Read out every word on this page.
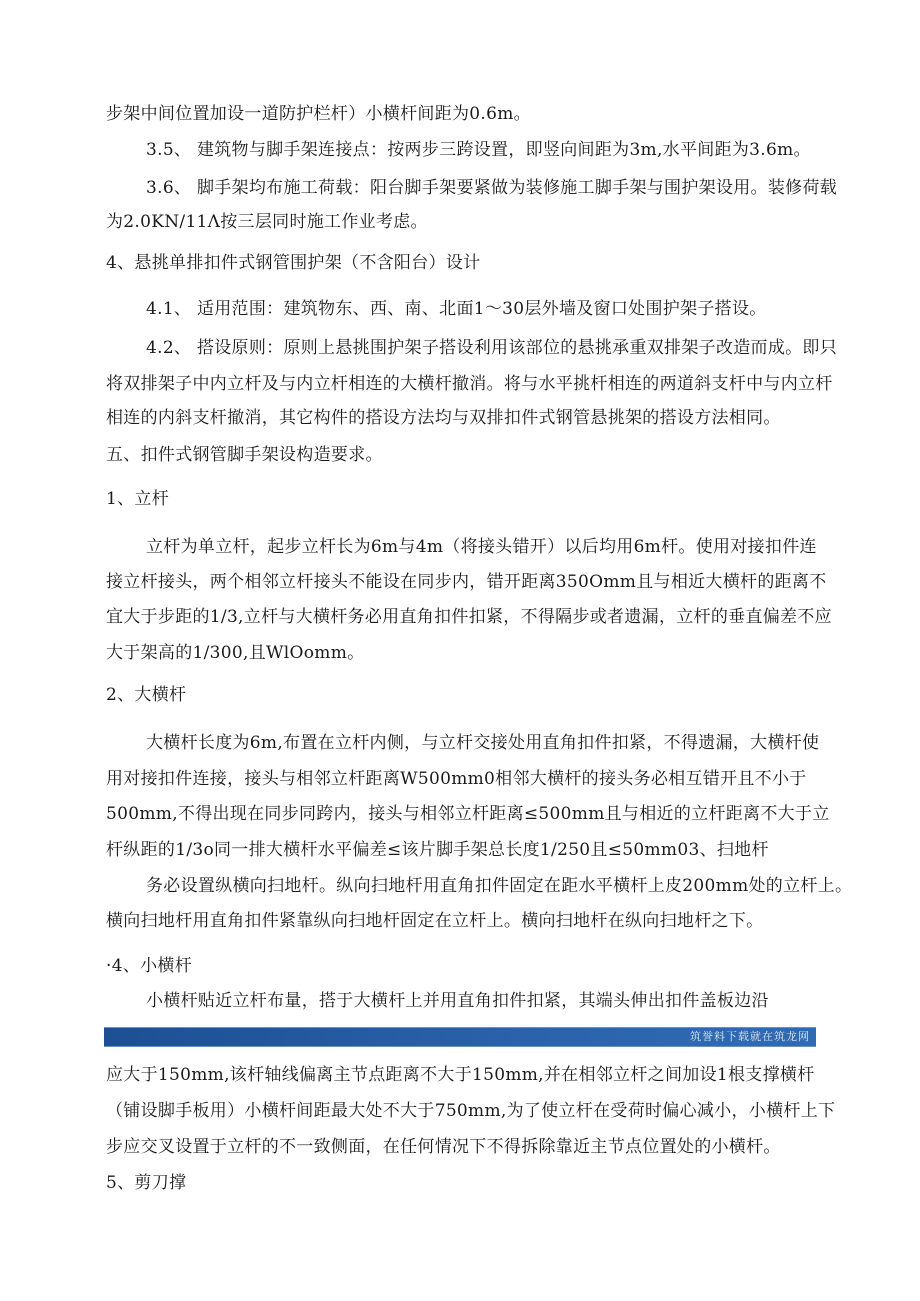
步架中间位置加设一道防护栏杆）小横杆间距为0.6m。
3.5、 建筑物与脚手架连接点：按两步三跨设置，即竖向间距为3m,水平间距为3.6m。
3.6、 脚手架均布施工荷载：阳台脚手架要紧做为装修施工脚手架与围护架设用。装修荷载
为2.0KN/11Λ按三层同时施工作业考虑。
4、悬挑单排扣件式钢管围护架（不含阳台）设计
4.1、 适用范围：建筑物东、西、南、北面1～30层外墙及窗口处围护架子搭设。
4.2、 搭设原则：原则上悬挑围护架子搭设利用该部位的悬挑承重双排架子改造而成。即只
将双排架子中内立杆及与内立杆相连的大横杆撤消。将与水平挑杆相连的两道斜支杆中与内立杆
相连的内斜支杆撤消，其它构件的搭设方法均与双排扣件式钢管悬挑架的搭设方法相同。
五、扣件式钢管脚手架设构造要求。
1、立杆
立杆为单立杆，起步立杆长为6m与4m（将接头错开）以后均用6m杆。使用对接扣件连
接立杆接头，两个相邻立杆接头不能设在同步内，错开距离350Omm且与相近大横杆的距离不
宜大于步距的1/3,立杆与大横杆务必用直角扣件扣紧，不得隔步或者遗漏，立杆的垂直偏差不应
大于架高的1/300,且WlOomm。
2、大横杆
大横杆长度为6m,布置在立杆内侧，与立杆交接处用直角扣件扣紧，不得遗漏，大横杆使
用对接扣件连接，接头与相邻立杆距离W500mm0相邻大横杆的接头务必相互错开且不小于
500mm,不得出现在同步同跨内，接头与相邻立杆距离≤500mm且与相近的立杆距离不大于立
杆纵距的1/3o同一排大横杆水平偏差≤该片脚手架总长度1/250且≤50mm03、扫地杆
务必设置纵横向扫地杆。纵向扫地杆用直角扣件固定在距水平横杆上皮200mm处的立杆上。
横向扫地杆用直角扣件紧靠纵向扫地杆固定在立杆上。横向扫地杆在纵向扫地杆之下。
·4、小横杆
小横杆贴近立杆布量，搭于大横杆上并用直角扣件扣紧，其端头伸出扣件盖板边沿
筑誉料下载就在筑龙网
应大于150mm,该杆轴线偏离主节点距离不大于150mm,并在相邻立杆之间加设1根支撑横杆
（铺设脚手板用）小横杆间距最大处不大于750mm,为了使立杆在受荷时偏心减小，小横杆上下
步应交叉设置于立杆的不一致侧面，在任何情况下不得拆除靠近主节点位置处的小横杆。
5、剪刀撑
